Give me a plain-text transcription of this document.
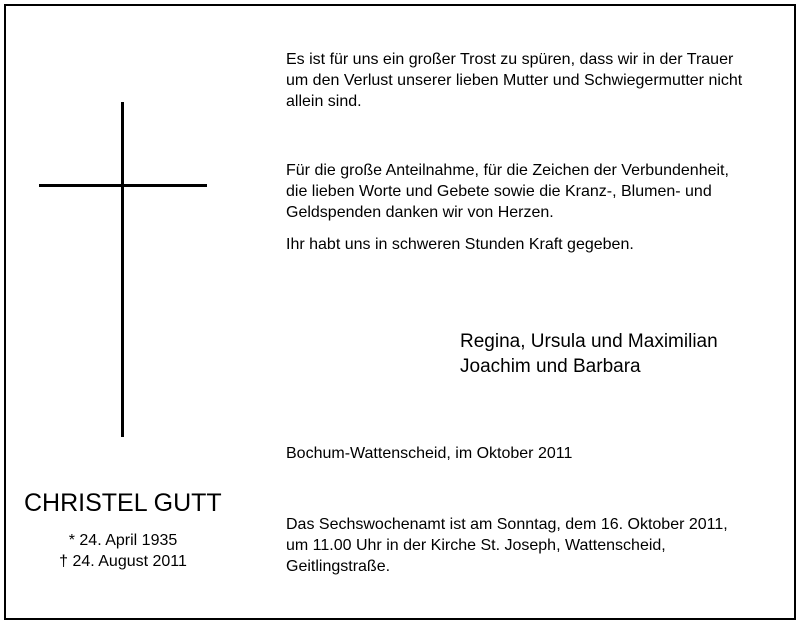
Es ist für uns ein großer Trost zu spüren, dass wir in der Trauer

um den Verlust unserer lieben Mutter und Schwiegermutter nicht

allein sind.

Für die große Anteilnahme, für die Zeichen der Verbundenheit,

die lieben Worte und Gebete sowie die Kranz-, Blumen- und

Geldspenden danken wir von Herzen.

Ihr habt uns in schweren Stunden Kraft gegeben.

Regina, Ursula und Maximilian

Joachim und Barbara

Bochum-Wattenscheid, im Oktober 2011

Das Sechswochenamt ist am Sonntag, dem 16. Oktober 2011,

um 11.00 Uhr in der Kirche St. Joseph, Wattenscheid,

Geitlingstraße.

CHRISTEL GUTT
* 24. April 1935
† 24. August 2011
